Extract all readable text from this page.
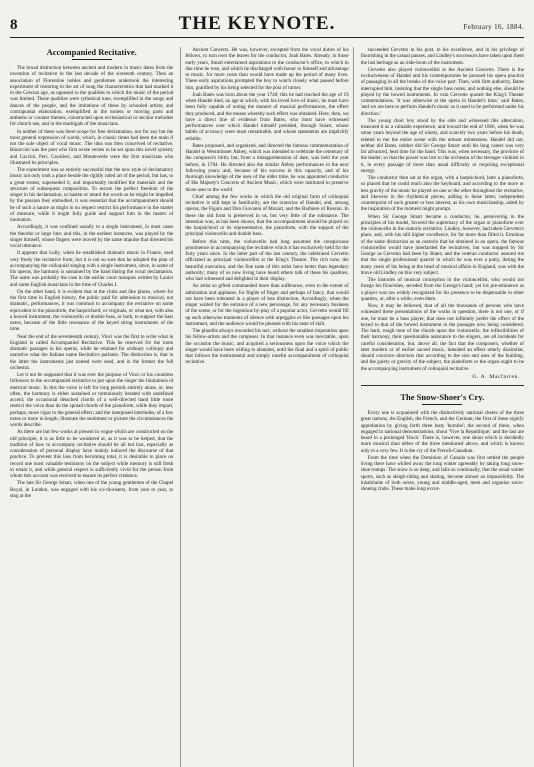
8	THE KEYNOTE.	February 16, 1884.
Accompanied Recitative.

The broad distinction between ancient and modern in music dates from the invention of recitative in the last decade of the sixteenth century. Then an association of Florentine nobles and gentlemen undertook the interesting experiment of restoring to the art of song the characteristics that had marked it in the Grecian age, as opposed to the qualities to which the music of the period was limited. These qualities were rythmical tune, exemplified in the songs and dances of the people, and the imitations of these by schooled artists; and contrapuntal elaboration, exemplified in the motets or moving parts and anthems or counter themes, constructed upon ecclesiastical or secular melodies for church use, and in the madrigals of the musicians.

In neither of these was there scope for free declamation, nor for any but the most general expression of words, which, in classic times had been the main if not the sole object of vocal music. The idea was then conceived of recitative. Rinuccini was the poet who first wrote verses to be set upon this novel system; and Caccini, Peri, Cavalieri, and Monteverde were the first musicians who illustrated its principles.

The experiment was so entirely successful that the new style of declamatory music not only took a place beside the rigidly ruled art of the period, but has, to a great extent, superseded it, and importantly modified the materials and the structure of subsequent composition. To secure the perfect freedom of the singer in his declamation, to hasten or retard the words as he might be impelled by the passion they embodied, it was essential that the accompaniment should be of such a nature as might in no respect restrict his performance in the matter of measure, while it might fully guide and support him in the matter of intonation.

Accordingly, it was confined usually to a single instrument, in most cases the theorbo or large lute; and this, in the earliest instances, was played by the singer himself, whose fingers were moved by the same impulse that directed his vocal utterance.

It appears that Lully, when he established dramatic music in France, used very freely the recitative form; but it is not so sure that he adopted the plan of accompanying the colloquial singing with a single instrument, since, in some of his operas, the harmony is sustained by the band during the vocal declamation. The same was probably the case in the earlier court masques written by Lanier and some English musicians in the time of Charles I.

On the other hand, it is evident that at the clubs and like places, where for the first time in English history, the public paid for admission to musical, not dramatic, performances, it was common to accompany the recitative on some equivalent to the pianoforte, the harpsichord, or virginals, or what not, with also a bowed instrument, the violoncello or double bass, or both, to support the bass notes, because of the little resonance of the keyed string instruments of the time.

Near the end of the seventeenth century, Vinci was the first to write what in England is called Accompanied Recitative. This he reserved for the more dramatic passages in his operas, while he retained for ordinary colloquy and narrative what the Italians name Recitativo parlante. The distinction is, that in the latter the instruments just named were used, and in the former the full orchestra.

Let it not be supposed that it was ever the purpose of Vinci or his countless followers to the accompanied recitative to put upon the singer the limitations of metrical music. In this the voice is left for long periods entirely alone, or, less often, the harmony is either sustained or tremulously iterated with undefined accent; the occasional detached chords of a well-directed band little more restrict the voice than do the spread chords of the pianoforte, while they impart, perhaps, more vigor to the general effect; and the interposed interludes, of a few notes or more in length, illustrate the sentiment or picture the circumstances the words describe.

As there are but few works at present in vogue which are constructed on the old principle, it is as little to be wondered at, as it was to be helped, that the tradition of how to accompany recitative should be all but lost, especially as consideration of personal display have mainly induced the discourse of that practice. To prevent this loss from becoming total, it is desirable to place on record one most valuable testimony on the subject while memory is still fresh to retain it, and while general respect is sufficiently vivid for the person from whom this account was received to ensure its perfect credence.

The late Sir George Smart, when one of the young gentlemen of the Chapel Royal, in London, was engaged with his co-choristers, from year to year, to sing at the

Ancient Concerts. He was, however, excepted from the vocal duties of his fellows, to turn over the leaves for the conductor, Joah Bates. Already, in those early years, Smart entertained aspirations to the conductor's office, to which in due time he rose, and which he discharged with honor to himself and advantage to music, for more years than would have made up the period of many lives. These early aspirations prompted the boy to watch closely what passed before him, gratified by his being selected for the post of turner.

Joah Bates was born about the year 1740; this he had reached the age of 19 when Handel died, an age at which, with his loved love of music, he must have been fully capable of noting the manner of musical performances, the effect they produced, and the means whereby such effect was obtained. Here, then, we have a direct line of evidence from Bates, who must have witnessed performances over which Handel himself presided, through Smart, whose habits of accuracy were most remarkable, and whose statements are implicitly reliable.

Bates proposed, and organized, and directed the famous commemoration of Handel in Westminster Abbey, which was intended to celebrate the centenary of the composer's birth; but, from a misapprehension of date, was held the year before, in 1784. He directed also the similar Abbey performances in the next following years; and, because of his success in this capacity, and of his thorough knowledge of the uses of the older time, he was appointed conductor of His Majesty's Concerts of Ancient Music, which were instituted to preserve those uses to the world.

Chief among the few works in which the old original form of colloquial recitative is still kept in familiarity, are the oratorios of Handel, and, among operas, the Figaro and Don Giovanni of Mozart, and the Barbiere of Rossini. In these the old form is preserved in us, but very little of the substance. The intention was, as has been shown, that the accompaniment should be played on the harpsichord or its representative, the pianoforte, with the support of the principal violoncello and double bass.

Before this time, the violoncello had long assumed the conspicuous prominence in accompanying the recitative which it has exclusively held for the forty years since. In the latter part of the last century, the celebrated Cervetto officiated as principal violoncellist at the King's Theatre. The rich tone, the beautiful execution, and the fine taste of this artist have better than legendary authority; many of us now living have heard others talk of these his qualities, who had witnessed and delighted in their display.

An artist so gifted commanded more than sufferance, even to the extent of admiration and applause, for flights of finger and perhaps of fancy, that would not have been tolerated in a player of less distinction. Accordingly, when the singer waited for the entrance of a new personage, for any necessary business of the scene, or for the ingenious by-play of a popular actor, Cervetto would fill up such otherwise moments of silence with arpeggios or like passages upon his instrument, and the audience would be pleased with his taste of skill.

The plaudits always rewarded his tact, without the smallest imputation upon his fellow-artists and the composer. In that instance even was inevitable, upon the occasion the music, and acquired a seriousness upon the voice which the singer would have been willing to abandon, until the final and a spirit of public that follows the instrumental and simply tuneful accompaniment of colloquial recitative.

succeeded Cervetto in his post, in his excellence, and in his privilege of flourishing in the casual pauses, and Lindley's successors have taken upon them the last heritage as an inde-loom of the instrument.

Cervetto also played violoncellist at the Ancient Concerts. There is the exclusiveness of Handel and his contemporaries he pursued his opera practice of passaging in all the breaks of the voice part. Then, with firm authority, Bates interrupted him, insisting that the single bass notes, and nothing else, should be played by the bowed instruments. In vain Cervetto quoted the King's Theater commendations. 'It was otherwise at the opera in Handel's time,' said Bates, 'and we are here to perform Handel's music as it used to be performed under his direction.'

The young choir boy stood by the side and witnessed this altercation, treasured it as a valuable experience, and toward the end of 1866, when he was some years beyond the age of ninety, and scarcely two years before his death, related to me the entire scene with the utmost minuteness. Handel did not, neither did Bates, neither did Sir George Smart until his long career was very far advanced, beat time for the band. This was, when necessary, the province of the leader; so that the power was lost to the orchestra of the stronger violinist in it, in every passage of more than usual difficulty or requiring exceptional energy.

The conductor then sat at the organ, with a harpsichord, later a pianoforte, so placed that he could reach also the keyboard, and according to the more or less gravity of the music he played on one or the other throughout the recitative, and likewise in the rhythmical pieces, adding in these latter, independent counterpoint of such greater or less interest, as his own musicianship, aided by the inspiration of the moment might prompt.

When Sir George Smart became a conductor, he, persevering in the principles of his model, favored the supremacy of the organ or pianoforte over the violoncello in the oratorio recitative. Lindley, however, had taken Cervetto's place, and, with his still higher excellence, for far more than filled it. Emulous of the same distinction as an oratorio that he obtained in an opera, the famous violoncellist would have interlarded the recitatives, but was stopped by Sir George as Cervetto had been by Bates; and the veteran conductor assured me that the single professional quarrel in which he was ever a party, during the many years of his being at the head of musical affairs in England, was with the brave old Lindley on this very subject.

The histories of musical conception in the violoncellist, who would not forego his flourishes, seceded from the George's band; yet his pre-eminence as a player was too widely recognized for his presence to be dispensable in other quarters, or, after a while, even there.

Now, it may be believed, that of all the thousands of persons who have witnessed these presentations of the works in question, there is not one, or if one, he must be a bass player, that does not infinitely prefer the effect of the keyed to that of the bowed instrument in the passages now being considered. The hard, rough tone of the chords upon the violoncello, the inflexibilities of their harmony, their questionable assistance to the singers, are all incidents for careful consideration, but, above all, the fact that the composers, whether of later modern or of earlier sacred music, intended an effect utterly dissimilar, should convince directors that according to the size and uses of the building, and the gaiety or gravity of the subject, the pianoforte or the organ ought to be the accompanying instrument of colloquial recitative.

G. A. Macfarren.
The Snow-Shoer's Cry.

Every one is acquainted with the distinctively national cheers of the three great nations, the English, the French, and the German; the first of these signify approbation by giving forth three lusty 'hurrahs'; the second of these, when engaged in national demonstrations, shout 'Vive la Republique,' and the last are heard in a prolonged 'Hoch.' There is, however, one shout which is decidedly more musical than either of the three mentioned above, and which is known only to a very few. It is the cry of the French-Canadian.

From the time when the Dominion of Canada was first settled the people living there have whiled away the long winter agreeably by taking long snow-shoe tramps. The snow is so deep, and falls so continually, that the usual winter sports, such as sleigh-riding and skating, become almost an impossibility. The inhabitants of both sexes, young and middle-aged, meet and organize snow-shoeing clubs. These make long excur-
